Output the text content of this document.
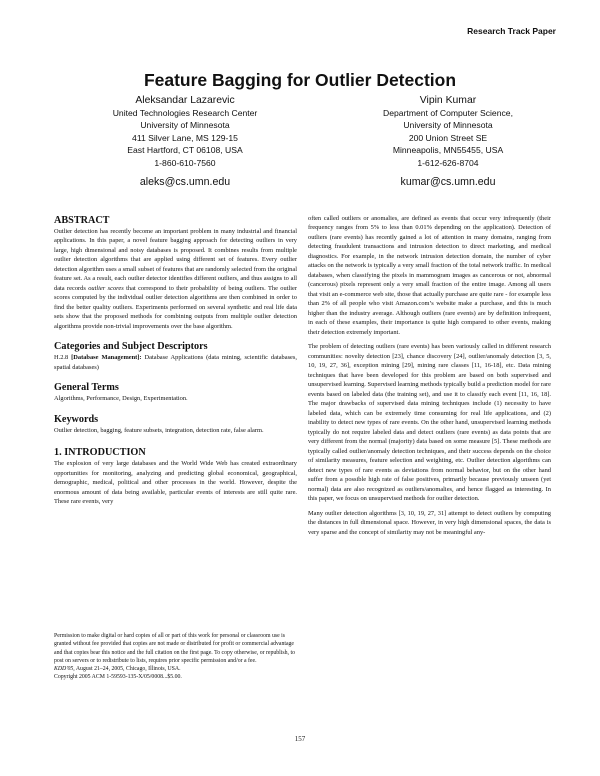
Research Track Paper
Feature Bagging for Outlier Detection
Aleksandar Lazarevic
United Technologies Research Center
University of Minnesota
411 Silver Lane, MS 129-15
East Hartford, CT 06108, USA
1-860-610-7560
aleks@cs.umn.edu
Vipin Kumar
Department of Computer Science,
University of Minnesota
200 Union Street SE
Minneapolis, MN55455, USA
1-612-626-8704
kumar@cs.umn.edu
ABSTRACT

Outlier detection has recently become an important problem in many industrial and financial applications. In this paper, a novel feature bagging approach for detecting outliers in very large, high dimensional and noisy databases is proposed. It combines results from multiple outlier detection algorithms that are applied using different set of features. Every outlier detection algorithm uses a small subset of features that are randomly selected from the original feature set. As a result, each outlier detector identifies different outliers, and thus assigns to all data records outlier scores that correspond to their probability of being outliers. The outlier scores computed by the individual outlier detection algorithms are then combined in order to find the better quality outliers. Experiments performed on several synthetic and real life data sets show that the proposed methods for combining outputs from multiple outlier detection algorithms provide non-trivial improvements over the base algorithm.

Categories and Subject Descriptors

H.2.8 [Database Management]: Database Applications (data mining, scientific databases, spatial databases)

General Terms

Algorithms, Performance, Design, Experimentation.

Keywords

Outlier detection, bagging, feature subsets, integration, detection rate, false alarm.

1. INTRODUCTION

The explosion of very large databases and the World Wide Web has created extraordinary opportunities for monitoring, analyzing and predicting global economical, geographical, demographic, medical, political and other processes in the world. However, despite the enormous amount of data being available, particular events of interests are still quite rare. These rare events, very

Permission to make digital or hard copies of all or part of this work for personal or classroom use is granted without fee provided that copies are not made or distributed for profit or commercial advantage and that copies bear this notice and the full citation on the first page. To copy otherwise, or republish, to post on servers or to redistribute to lists, requires prior specific permission and/or a fee.

KDD'05, August 21–24, 2005, Chicago, Illinois, USA.

Copyright 2005 ACM 1-59593-135-X/05/0008...$5.00.

often called outliers or anomalies, are defined as events that occur very infrequently (their frequency ranges from 5% to less than 0.01% depending on the application). Detection of outliers (rare events) has recently gained a lot of attention in many domains, ranging from detecting fraudulent transactions and intrusion detection to direct marketing, and medical diagnostics. For example, in the network intrusion detection domain, the number of cyber attacks on the network is typically a very small fraction of the total network traffic. In medical databases, when classifying the pixels in mammogram images as cancerous or not, abnormal (cancerous) pixels represent only a very small fraction of the entire image. Among all users that visit an e-commerce web site, those that actually purchase are quite rare - for example less than 2% of all people who visit Amazon.com’s website make a purchase, and this is much higher than the industry average. Although outliers (rare events) are by definition infrequent, in each of these examples, their importance is quite high compared to other events, making their detection extremely important.

The problem of detecting outliers (rare events) has been variously called in different research communities: novelty detection [23], chance discovery [24], outlier/anomaly detection [3, 5, 10, 19, 27, 36], exception mining [29], mining rare classes [11, 16-18], etc. Data mining techniques that have been developed for this problem are based on both supervised and unsupervised learning. Supervised learning methods typically build a prediction model for rare events based on labeled data (the training set), and use it to classify each event [11, 16, 18]. The major drawbacks of supervised data mining techniques include (1) necessity to have labeled data, which can be extremely time consuming for real life applications, and (2) inability to detect new types of rare events. On the other hand, unsupervised learning methods typically do not require labeled data and detect outliers (rare events) as data points that are very different from the normal (majority) data based on some measure [5]. These methods are typically called outlier/anomaly detection techniques, and their success depends on the choice of similarity measures, feature selection and weighting, etc. Outlier detection algorithms can detect new types of rare events as deviations from normal behavior, but on the other hand suffer from a possible high rate of false positives, primarily because previously unseen (yet normal) data are also recognized as outliers/anomalies, and hence flagged as interesting. In this paper, we focus on unsupervised methods for outlier detection.

Many outlier detection algorithms [3, 10, 19, 27, 31] attempt to detect outliers by computing the distances in full dimensional space. However, in very high dimensional spaces, the data is very sparse and the concept of similarity may not be meaningful any-

157
